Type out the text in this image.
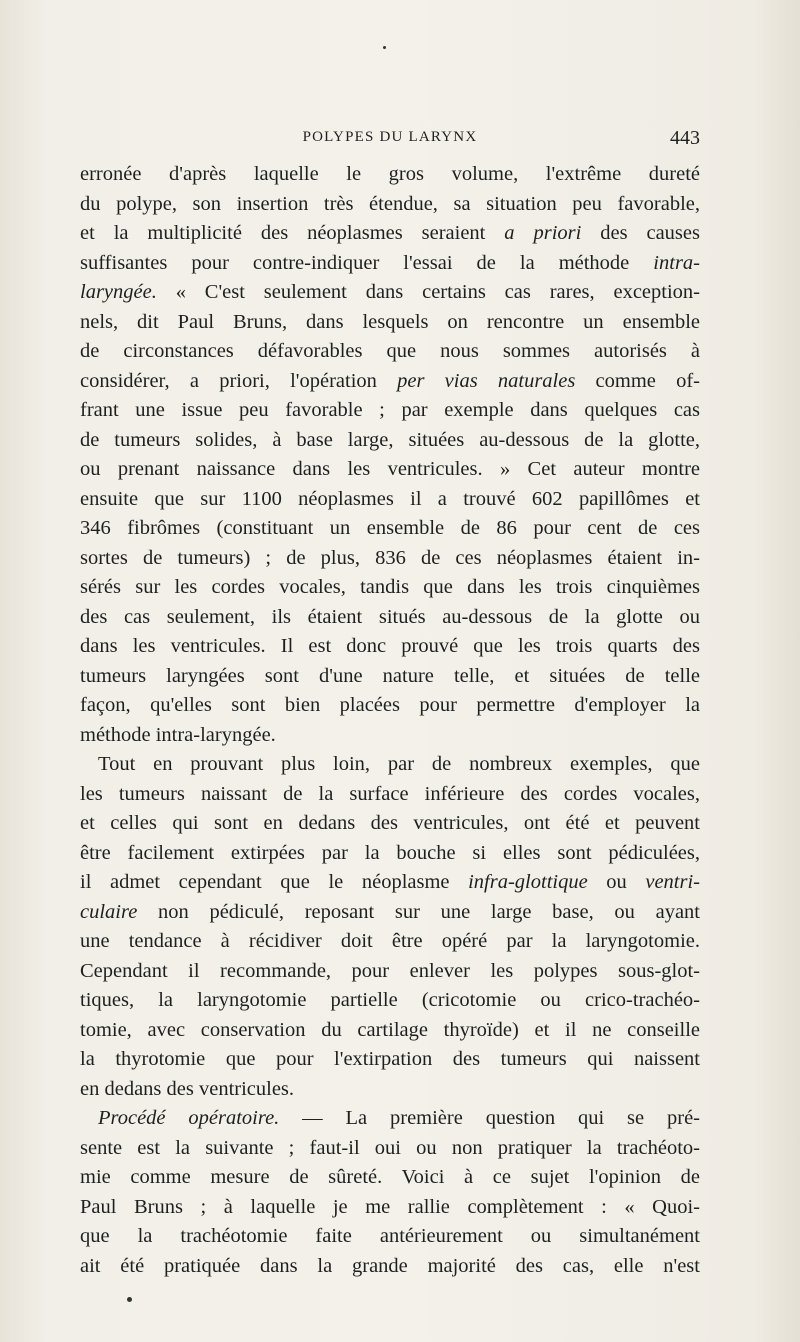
POLYPES DU LARYNX	443
erronée d'après laquelle le gros volume, l'extrême dureté
du polype, son insertion très étendue, sa situation peu favorable,
et la multiplicité des néoplasmes seraient a priori des causes
suffisantes pour contre-indiquer l'essai de la méthode intra-
laryngée. « C'est seulement dans certains cas rares, exception-
nels, dit Paul Bruns, dans lesquels on rencontre un ensemble
de circonstances défavorables que nous sommes autorisés à
considérer, a priori, l'opération per vias naturales comme of-
frant une issue peu favorable ; par exemple dans quelques cas
de tumeurs solides, à base large, situées au-dessous de la glotte,
ou prenant naissance dans les ventricules. » Cet auteur montre
ensuite que sur 1100 néoplasmes il a trouvé 602 papillômes et
346 fibrômes (constituant un ensemble de 86 pour cent de ces
sortes de tumeurs) ; de plus, 836 de ces néoplasmes étaient in-
sérés sur les cordes vocales, tandis que dans les trois cinquièmes
des cas seulement, ils étaient situés au-dessous de la glotte ou
dans les ventricules. Il est donc prouvé que les trois quarts des
tumeurs laryngées sont d'une nature telle, et situées de telle
façon, qu'elles sont bien placées pour permettre d'employer la
méthode intra-laryngée.
Tout en prouvant plus loin, par de nombreux exemples, que
les tumeurs naissant de la surface inférieure des cordes vocales,
et celles qui sont en dedans des ventricules, ont été et peuvent
être facilement extirpées par la bouche si elles sont pédiculées,
il admet cependant que le néoplasme infra-glottique ou ventri-
culaire non pédiculé, reposant sur une large base, ou ayant
une tendance à récidiver doit être opéré par la laryngotomie.
Cependant il recommande, pour enlever les polypes sous-glot-
tiques, la laryngotomie partielle (cricotomie ou crico-trachéo-
tomie, avec conservation du cartilage thyroïde) et il ne conseille
la thyrotomie que pour l'extirpation des tumeurs qui naissent
en dedans des ventricules.
Procédé opératoire. — La première question qui se pré-
sente est la suivante ; faut-il oui ou non pratiquer la trachéoto-
mie comme mesure de sûreté. Voici à ce sujet l'opinion de
Paul Bruns ; à laquelle je me rallie complètement : « Quoi-
que la trachéotomie faite antérieurement ou simultanément
ait été pratiquée dans la grande majorité des cas, elle n'est
